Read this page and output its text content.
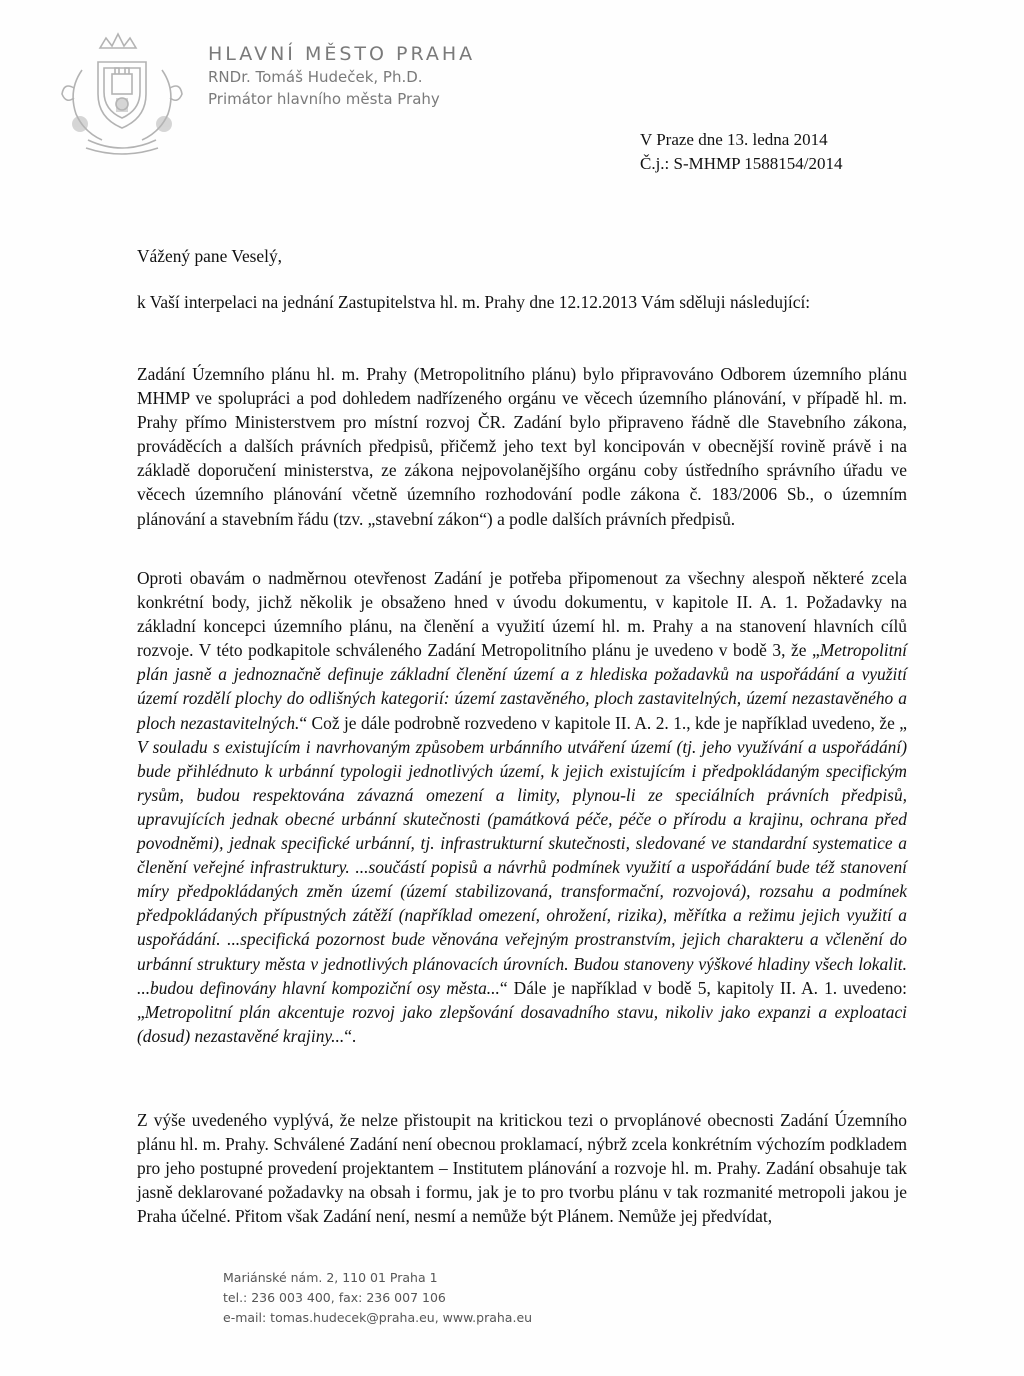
HLAVNÍ MĚSTO PRAHA
RNDr. Tomáš Hudeček, Ph.D.
Primátor hlavního města Prahy
V Praze dne 13. ledna 2014
Č.j.: S-MHMP 1588154/2014
Vážený pane Veselý,

k Vaší interpelaci na jednání Zastupitelstva hl. m. Prahy dne 12.12.2013 Vám sděluji následující:

Zadání Územního plánu hl. m. Prahy (Metropolitního plánu) bylo připravováno Odborem územního plánu MHMP ve spolupráci a pod dohledem nadřízeného orgánu ve věcech územního plánování, v případě hl. m. Prahy přímo Ministerstvem pro místní rozvoj ČR. Zadání bylo připraveno řádně dle Stavebního zákona, prováděcích a dalších právních předpisů, přičemž jeho text byl koncipován v obecnější rovině právě i na základě doporučení ministerstva, ze zákona nejpovolanějšího orgánu coby ústředního správního úřadu ve věcech územního plánování včetně územního rozhodování podle zákona č. 183/2006 Sb., o územním plánování a stavebním řádu (tzv. „stavební zákon“) a podle dalších právních předpisů.

Oproti obavám o nadměrnou otevřenost Zadání je potřeba připomenout za všechny alespoň některé zcela konkrétní body, jichž několik je obsaženo hned v úvodu dokumentu, v kapitole II. A. 1. Požadavky na základní koncepci územního plánu, na členění a využití území hl. m. Prahy a na stanovení hlavních cílů rozvoje. V této podkapitole schváleného Zadání Metropolitního plánu je uvedeno v bodě 3, že „Metropolitní plán jasně a jednoznačně definuje základní členění území a z hlediska požadavků na uspořádání a využití území rozdělí plochy do odlišných kategorií: území zastavěného, ploch zastavitelných, území nezastavěného a ploch nezastavitelných.“ Což je dále podrobně rozvedeno v kapitole II. A. 2. 1., kde je například uvedeno, že „ V souladu s existujícím i navrhovaným způsobem urbánního utváření území (tj. jeho využívání a uspořádání) bude přihlédnuto k urbánní typologii jednotlivých území, k jejich existujícím i předpokládaným specifickým rysům, budou respektována závazná omezení a limity, plynou-li ze speciálních právních předpisů, upravujících jednak obecné urbánní skutečnosti (památková péče, péče o přírodu a krajinu, ochrana před povodněmi), jednak specifické urbánní, tj. infrastrukturní skutečnosti, sledované ve standardní systematice a členění veřejné infrastruktury. ...součástí popisů a návrhů podmínek využití a uspořádání bude též stanovení míry předpokládaných změn území (území stabilizovaná, transformační, rozvojová), rozsahu a podmínek předpokládaných přípustných zátěží (například omezení, ohrožení, rizika), měřítka a režimu jejich využití a uspořádání. ...specifická pozornost bude věnována veřejným prostranstvím, jejich charakteru a včlenění do urbánní struktury města v jednotlivých plánovacích úrovních. Budou stanoveny výškové hladiny všech lokalit. ...budou definovány hlavní kompoziční osy města...“ Dále je například v bodě 5, kapitoly II. A. 1. uvedeno: „Metropolitní plán akcentuje rozvoj jako zlepšování dosavadního stavu, nikoliv jako expanzi a exploataci (dosud) nezastavěné krajiny...“.

Z výše uvedeného vyplývá, že nelze přistoupit na kritickou tezi o prvoplánové obecnosti Zadání Územního plánu hl. m. Prahy. Schválené Zadání není obecnou proklamací, nýbrž zcela konkrétním výchozím podkladem pro jeho postupné provedení projektantem – Institutem plánování a rozvoje hl. m. Prahy. Zadání obsahuje tak jasně deklarované požadavky na obsah i formu, jak je to pro tvorbu plánu v tak rozmanité metropoli jakou je Praha účelné. Přitom však Zadání není, nesmí a nemůže být Plánem. Nemůže jej předvídat,

Mariánské nám. 2, 110 01 Praha 1
tel.: 236 003 400, fax: 236 007 106
e-mail: tomas.hudecek@praha.eu, www.praha.eu
